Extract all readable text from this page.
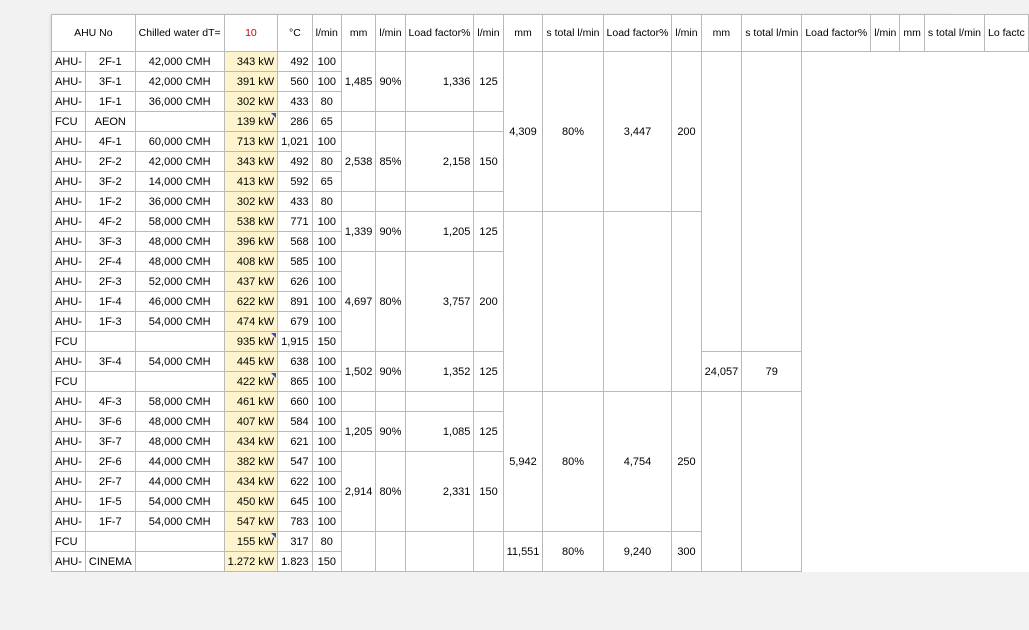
AHU No		Chilled water dT=	10	°C	l/min	mm	l/min	Load factor%	l/min	mm	s total l/min	Load factor%	l/min	mm	s total l/min	Load factor%	l/min	mm	s total l/min	Lo factc
AHU-	2F-1	42,000 CMH	343 kW	492	100	1,485	90%	1,336	125	4,309	80%	3,447	200							
AHU-	3F-1	42,000 CMH	391 kW	560	100															
AHU-	1F-1	36,000 CMH	302 kW	433	80															
FCU	AEON		139 kW	286	65															
AHU-	4F-1	60,000 CMH	713 kW	1,021	100	2,538	85%	2,158	150											
AHU-	2F-2	42,000 CMH	343 kW	492	80															
AHU-	3F-2	14,000 CMH	413 kW	592	65															
AHU-	1F-2	36,000 CMH	302 kW	433	80															
AHU-	4F-2	58,000 CMH	538 kW	771	100	1,339	90%	1,205	125											
AHU-	3F-3	48,000 CMH	396 kW	568	100															
AHU-	2F-4	48,000 CMH	408 kW	585	100	4,697	80%	3,757	200											
AHU-	2F-3	52,000 CMH	437 kW	626	100															
AHU-	1F-4	46,000 CMH	622 kW	891	100															
AHU-	1F-3	54,000 CMH	474 kW	679	100															
FCU			935 kW	1,915	150															
AHU-	3F-4	54,000 CMH	445 kW	638	100	1,502	90%	1,352	125					24,057	79					
FCU			422 kW	865	100															
AHU-	4F-3	58,000 CMH	461 kW	660	100					5,942	80%	4,754	250							
AHU-	3F-6	48,000 CMH	407 kW	584	100	1,205	90%	1,085	125											
AHU-	3F-7	48,000 CMH	434 kW	621	100															
AHU-	2F-6	44,000 CMH	382 kW	547	100	2,914	80%	2,331	150											
AHU-	2F-7	44,000 CMH	434 kW	622	100															
AHU-	1F-5	54,000 CMH	450 kW	645	100															
AHU-	1F-7	54,000 CMH	547 kW	783	100															
FCU			155 kW	317	80					11,551	80%	9,240	300							
AHU-	CINEMA		1.272 kW	1.823	150															
